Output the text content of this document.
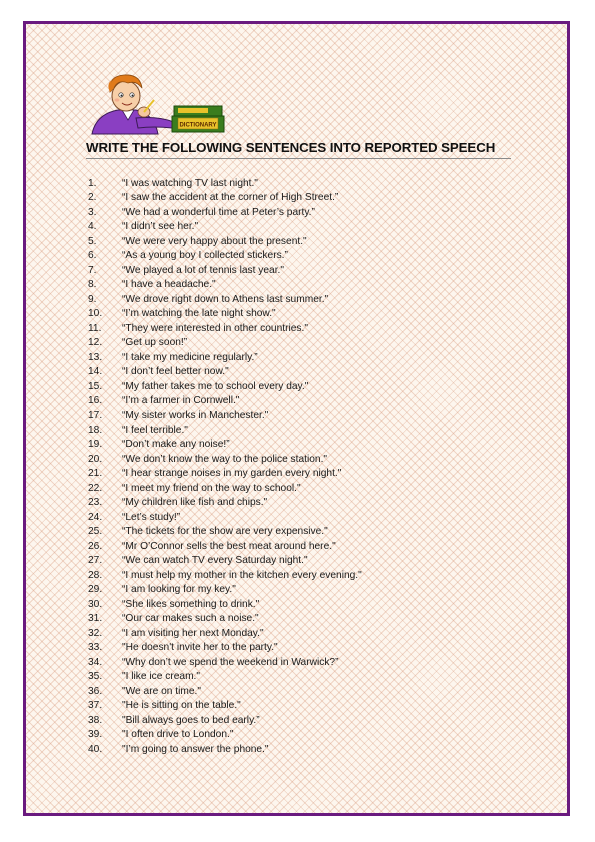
DICTIONARY
WRITE THE FOLLOWING SENTENCES INTO REPORTED SPEECH
1.	“I was watching TV last night."
2.	“I saw the accident at the corner of High Street.”
3.	“We had a wonderful time at Peter’s party.”
4.	“I didn’t see her."
5.	“We were very happy about the present."
6.	“As a young boy I collected stickers.”
7.	“We played a lot of tennis last year."
8.	“I have a headache."
9.	“We drove right down to Athens last summer."
10.	“I’m watching the late night show."
11.	“They were interested in other countries."
12.	“Get up soon!”
13.	“I take my medicine regularly.”
14.	“I don’t feel better now."
15.	“My father takes me to school every day."
16.	“I’m a farmer in Cornwell."
17.	“My sister works in Manchester."
18.	“I feel terrible."
19.	“Don’t make any noise!”
20.	“We don’t know the way to the police station."
21.	“I hear strange noises in my garden every night."
22.	“I meet my friend on the way to school."
23.	“My children like fish and chips."
24.	“Let’s study!”
25.	“The tickets for the show are very expensive."
26.	“Mr O’Connor sells the best meat around here."
27.	“We can watch TV every Saturday night."
28.	“I must help my mother in the kitchen every evening."
29.	“I am looking for my key."
30.	“She likes something to drink."
31.	“Our car makes such a noise."
32.	“I am visiting her next Monday."
33.	"He doesn't invite her to the party."
34.	“Why don’t we spend the weekend in Warwick?”
35.	"I like ice cream."
36.	"We are on time."
37.	"He is sitting on the table."
38.	"Bill always goes to bed early.”
39.	"I often drive to London."
40.	"I’m going to answer the phone."
